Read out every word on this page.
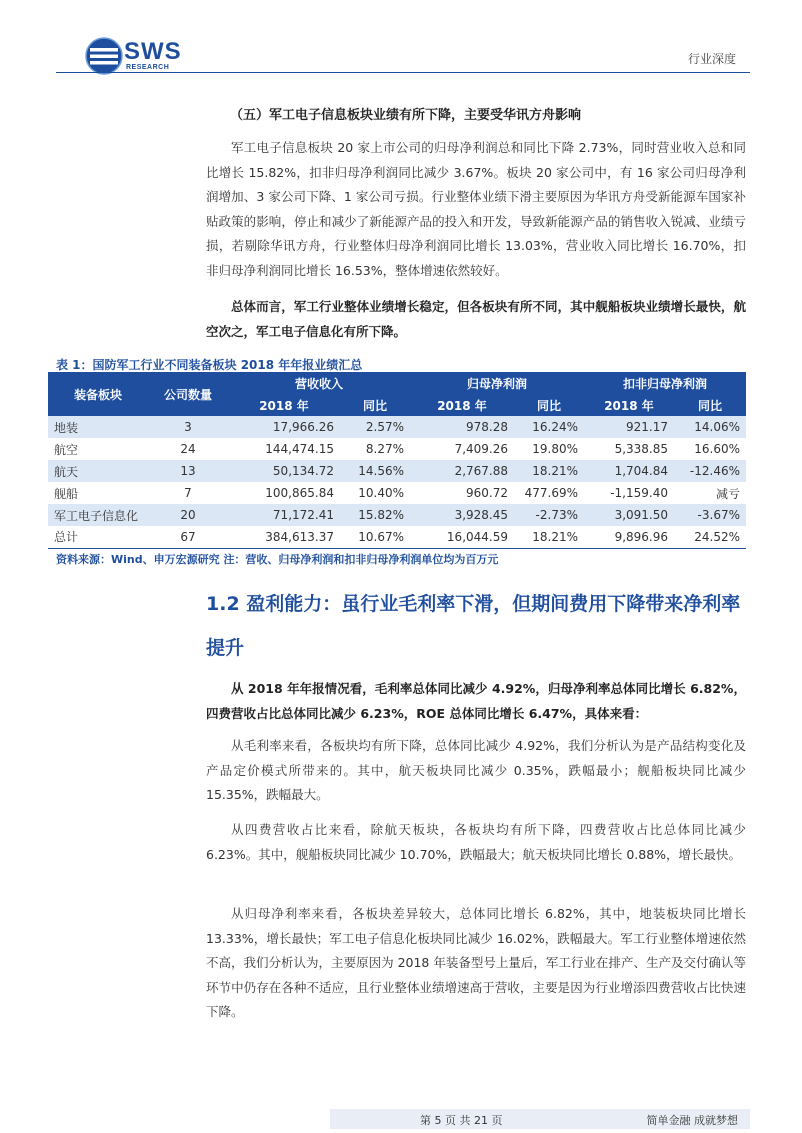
SWS
RESEARCH
行业深度
（五）军工电子信息板块业绩有所下降，主要受华讯方舟影响

军工电子信息板块 20 家上市公司的归母净利润总和同比下降 2.73%，同时营业收入总和同比增长 15.82%，扣非归母净利润同比减少 3.67%。板块 20 家公司中，有 16 家公司归母净利润增加、3 家公司下降、1 家公司亏损。行业整体业绩下滑主要原因为华讯方舟受新能源车国家补贴政策的影响，停止和减少了新能源产品的投入和开发，导致新能源产品的销售收入锐减、业绩亏损，若剔除华讯方舟，行业整体归母净利润同比增长 13.03%，营业收入同比增长 16.70%，扣非归母净利润同比增长 16.53%，整体增速依然较好。

总体而言，军工行业整体业绩增长稳定，但各板块有所不同，其中舰船板块业绩增长最快，航空次之，军工电子信息化有所下降。

表 1：国防军工行业不同装备板块 2018 年年报业绩汇总
装备板块	公司数量	营收收入		归母净利润		扣非归母净利润	
		2018 年	同比	2018 年	同比	2018 年	同比
地装	3	17,966.26	2.57%	978.28	16.24%	921.17	14.06%
航空	24	144,474.15	8.27%	7,409.26	19.80%	5,338.85	16.60%
航天	13	50,134.72	14.56%	2,767.88	18.21%	1,704.84	-12.46%
舰船	7	100,865.84	10.40%	960.72	477.69%	-1,159.40	减亏
军工电子信息化	20	71,172.41	15.82%	3,928.45	-2.73%	3,091.50	-3.67%
总计	67	384,613.37	10.67%	16,044.59	18.21%	9,896.96	24.52%
资料来源：Wind、申万宏源研究 注：营收、归母净利润和扣非归母净利润单位均为百万元
1.2 盈利能力：虽行业毛利率下滑，但期间费用下降带来净利率提升

从 2018 年年报情况看，毛利率总体同比减少 4.92%，归母净利率总体同比增长 6.82%，四费营收占比总体同比减少 6.23%，ROE 总体同比增长 6.47%，具体来看：

从毛利率来看，各板块均有所下降，总体同比减少 4.92%，我们分析认为是产品结构变化及产品定价模式所带来的。其中，航天板块同比减少 0.35%，跌幅最小；舰船板块同比减少 15.35%，跌幅最大。

从四费营收占比来看，除航天板块，各板块均有所下降，四费营收占比总体同比减少 6.23%。其中，舰船板块同比减少 10.70%，跌幅最大；航天板块同比增长 0.88%，增长最快。

从归母净利率来看，各板块差异较大，总体同比增长 6.82%，其中，地装板块同比增长 13.33%，增长最快；军工电子信息化板块同比减少 16.02%，跌幅最大。军工行业整体增速依然不高，我们分析认为，主要原因为 2018 年装备型号上量后，军工行业在排产、生产及交付确认等环节中仍存在各种不适应，且行业整体业绩增速高于营收，主要是因为行业增添四费营收占比快速下降。

第 5 页 共 21 页	简单金融 成就梦想
